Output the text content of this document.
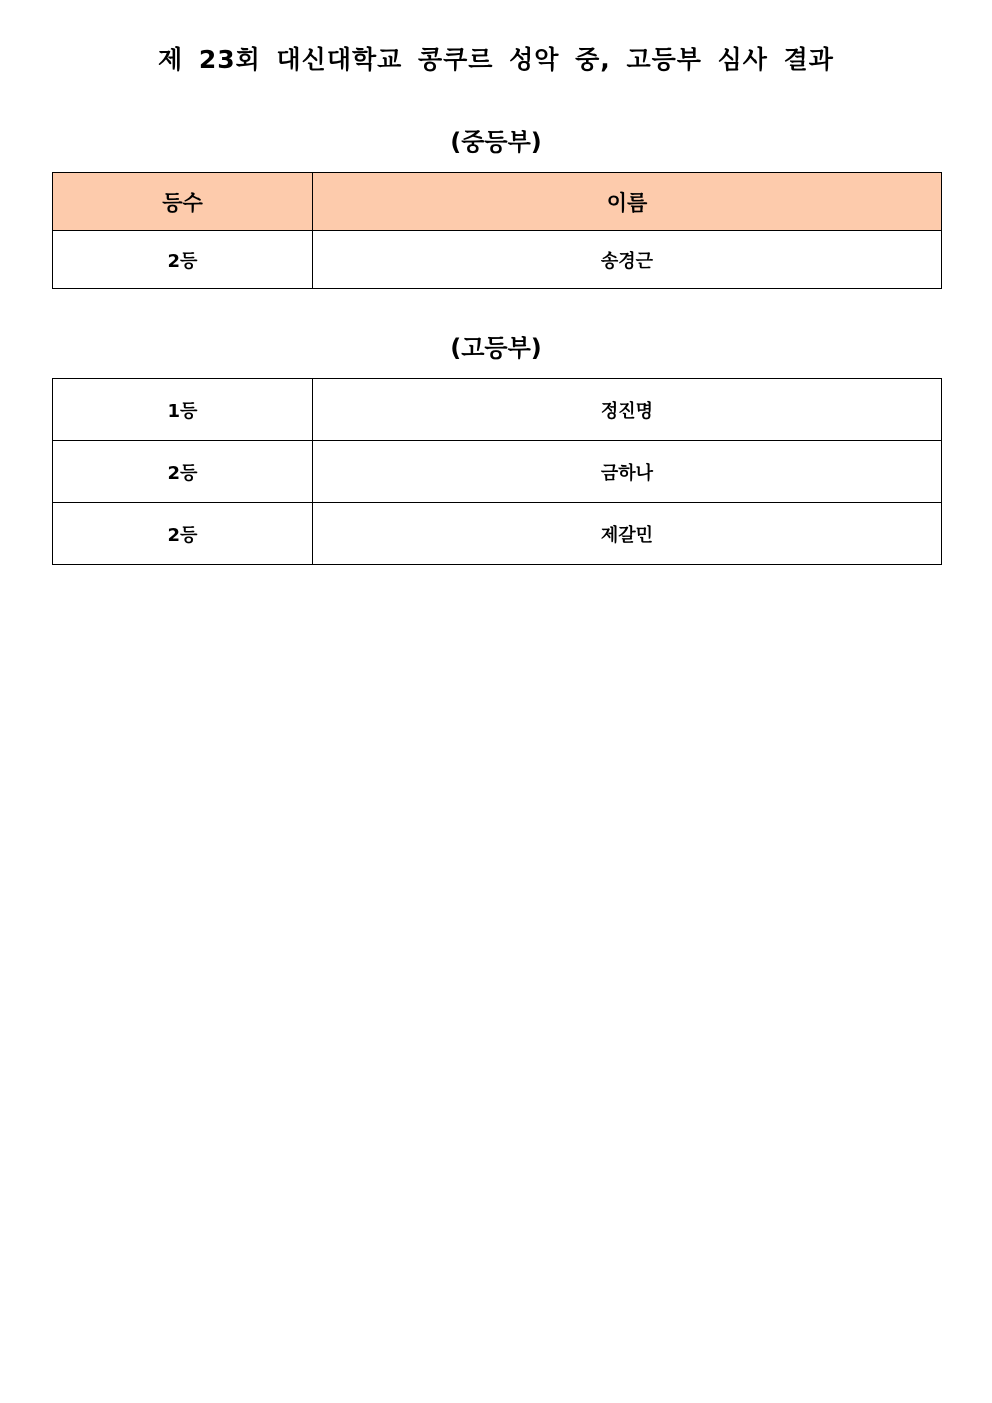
제 23회 대신대학교 콩쿠르 성악 중, 고등부 심사 결과
(중등부)
등수	이름
2등	송경근
(고등부)
1등	정진명
2등	금하나
2등	제갈민
